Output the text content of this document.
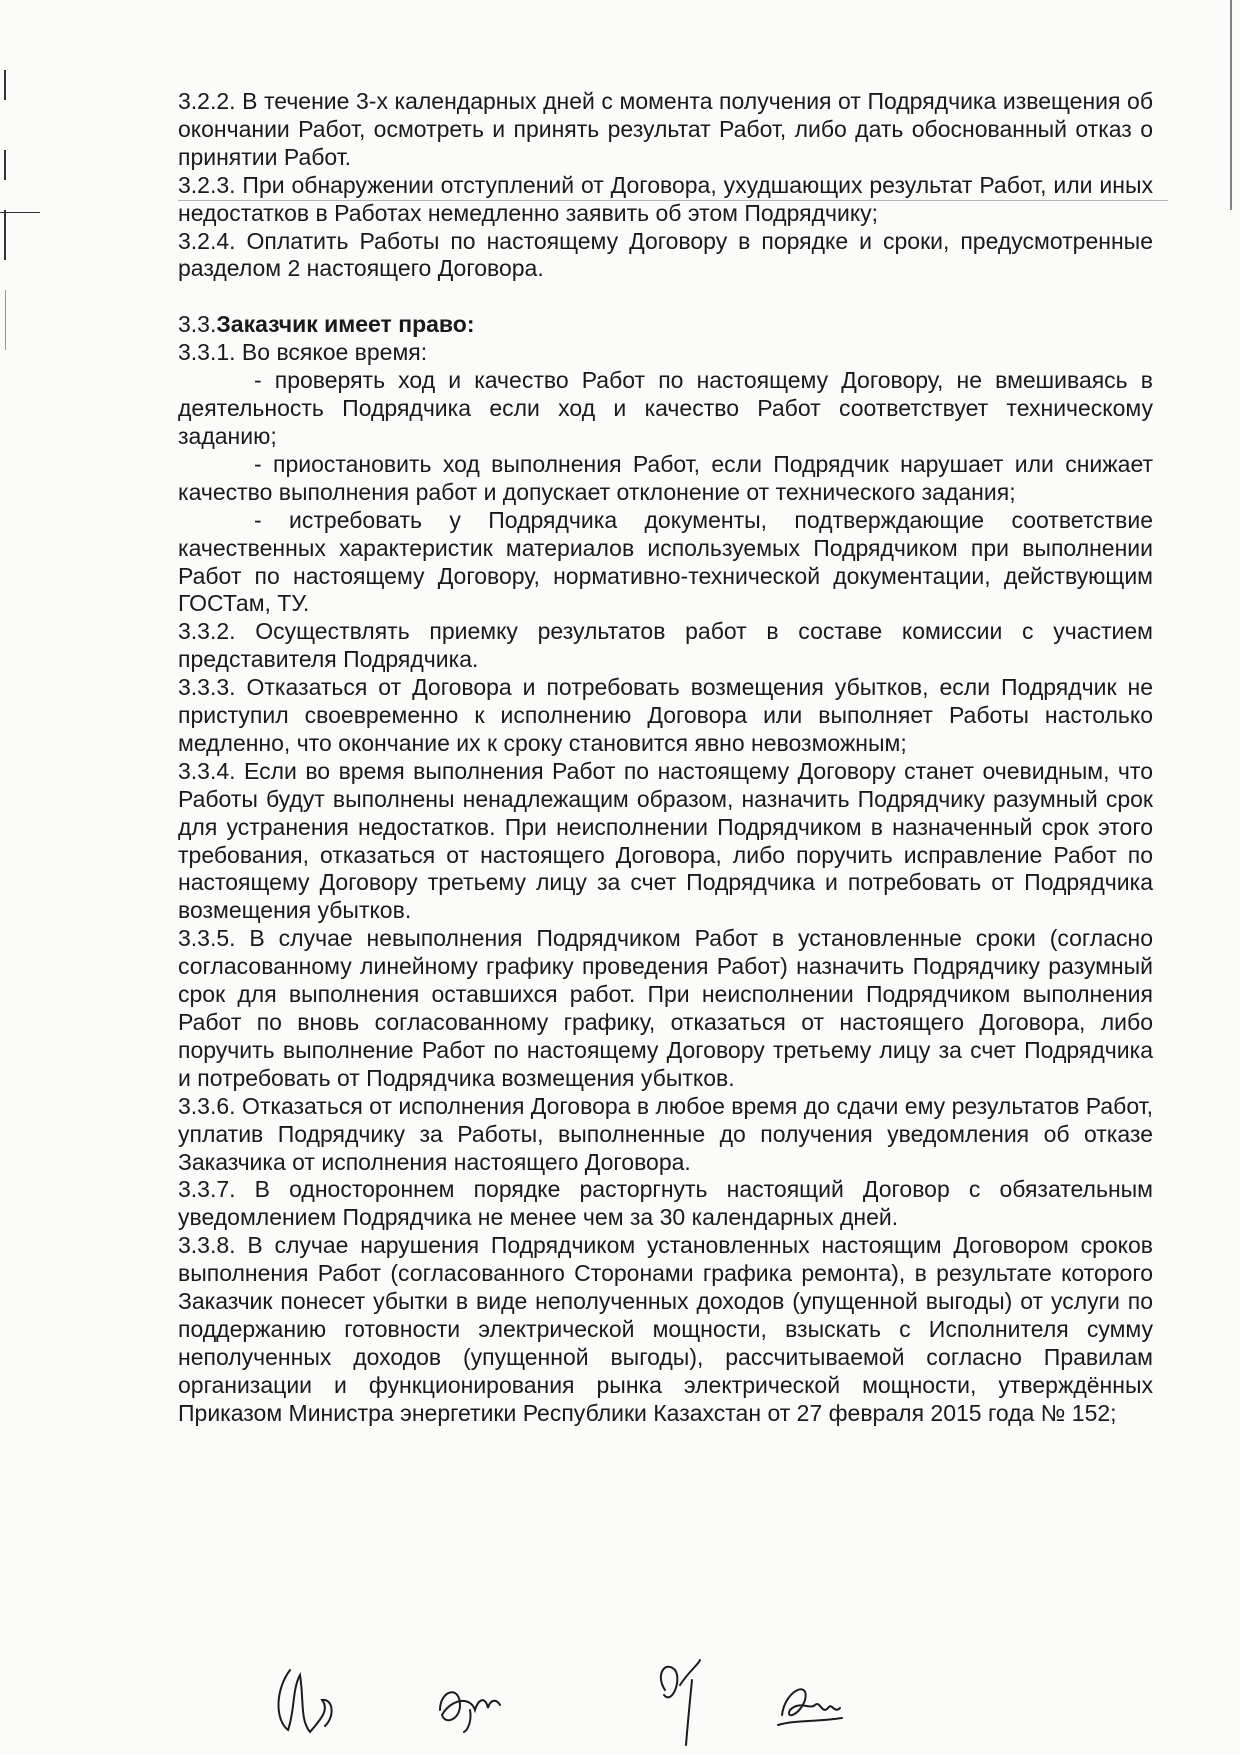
3.2.2. В течение 3-х календарных дней с момента получения от Подрядчика извещения об окончании Работ, осмотреть и принять результат Работ, либо дать обоснованный отказ о принятии Работ.

3.2.3. При обнаружении отступлений от Договора, ухудшающих результат Работ, или иных недостатков в Работах немедленно заявить об этом Подрядчику;

3.2.4. Оплатить Работы по настоящему Договору в порядке и сроки, предусмотренные разделом 2 настоящего Договора.

3.3.Заказчик имеет право:

3.3.1. Во всякое время:

- проверять ход и качество Работ по настоящему Договору, не вмешиваясь в деятельность Подрядчика если ход и качество Работ соответствует техническому заданию;

- приостановить ход выполнения Работ, если Подрядчик нарушает или снижает качество выполнения работ и допускает отклонение от технического задания;

- истребовать у Подрядчика документы, подтверждающие соответствие качественных характеристик материалов используемых Подрядчиком при выполнении Работ по настоящему Договору, нормативно-технической документации, действующим ГОСТам, ТУ.

3.3.2. Осуществлять приемку результатов работ в составе комиссии с участием представителя Подрядчика.

3.3.3. Отказаться от Договора и потребовать возмещения убытков, если Подрядчик не приступил своевременно к исполнению Договора или выполняет Работы настолько медленно, что окончание их к сроку становится явно невозможным;

3.3.4. Если во время выполнения Работ по настоящему Договору станет очевидным, что Работы будут выполнены ненадлежащим образом, назначить Подрядчику разумный срок для устранения недостатков. При неисполнении Подрядчиком в назначенный срок этого требования, отказаться от настоящего Договора, либо поручить исправление Работ по настоящему Договору третьему лицу за счет Подрядчика и потребовать от Подрядчика возмещения убытков.

3.3.5. В случае невыполнения Подрядчиком Работ в установленные сроки (согласно согласованному линейному графику проведения Работ) назначить Подрядчику разумный срок для выполнения оставшихся работ. При неисполнении Подрядчиком выполнения Работ по вновь согласованному графику, отказаться от настоящего Договора, либо поручить выполнение Работ по настоящему Договору третьему лицу за счет Подрядчика и потребовать от Подрядчика возмещения убытков.

3.3.6. Отказаться от исполнения Договора в любое время до сдачи ему результатов Работ, уплатив Подрядчику за Работы, выполненные до получения уведомления об отказе Заказчика от исполнения настоящего Договора.

3.3.7. В одностороннем порядке расторгнуть настоящий Договор с обязательным уведомлением Подрядчика не менее чем за 30 календарных дней.

3.3.8. В случае нарушения Подрядчиком установленных настоящим Договором сроков выполнения Работ (согласованного Сторонами графика ремонта), в результате которого Заказчик понесет убытки в виде неполученных доходов (упущенной выгоды) от услуги по поддержанию готовности электрической мощности, взыскать с Исполнителя сумму неполученных доходов (упущенной выгоды), рассчитываемой согласно Правилам организации и функционирования рынка электрической мощности, утверждённых Приказом Министра энергетики Республики Казахстан от 27 февраля 2015 года № 152;
